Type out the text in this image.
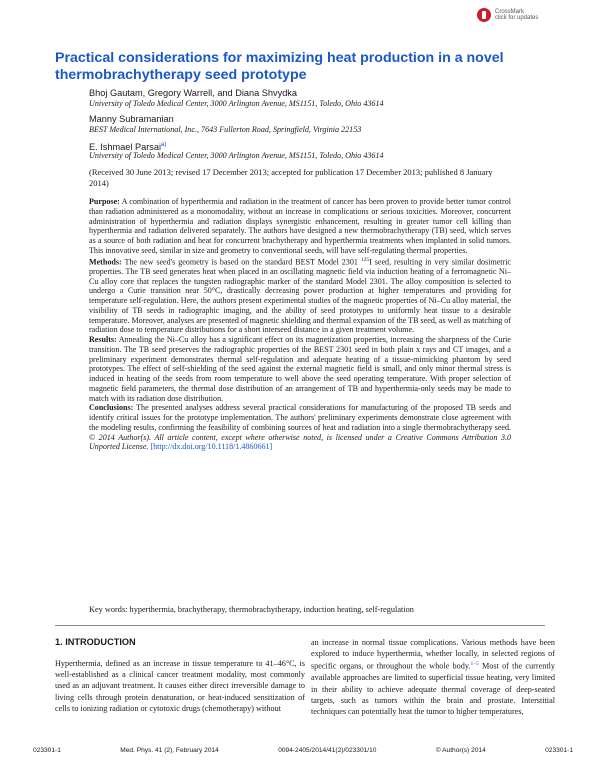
CrossMark
click for updates
Practical considerations for maximizing heat production in a novel thermobrachytherapy seed prototype
Bhoj Gautam, Gregory Warrell, and Diana Shvydka
University of Toledo Medical Center, 3000 Arlington Avenue, MS1151, Toledo, Ohio 43614
Manny Subramanian
BEST Medical International, Inc., 7643 Fullerton Road, Springfield, Virginia 22153
E. Ishmael Parsai$^{a)}$
University of Toledo Medical Center, 3000 Arlington Avenue, MS1151, Toledo, Ohio 43614
(Received 30 June 2013; revised 17 December 2013; accepted for publication 17 December 2013; published 8 January 2014)

Purpose: A combination of hyperthermia and radiation in the treatment of cancer has been proven to provide better tumor control than radiation administered as a monomodality, without an increase in complications or serious toxicities. Moreover, concurrent administration of hyperthermia and radiation displays synergistic enhancement, resulting in greater tumor cell killing than hyperthermia and radiation delivered separately. The authors have designed a new thermobrachytherapy (TB) seed, which serves as a source of both radiation and heat for concurrent brachytherapy and hyperthermia treatments when implanted in solid tumors. This innovative seed, similar in size and geometry to conventional seeds, will have self-regulating thermal properties.

Methods: The new seed's geometry is based on the standard BEST Model 2301 $^{125}$I seed, resulting in very similar dosimetric properties. The TB seed generates heat when placed in an oscillating magnetic field via induction heating of a ferromagnetic Ni–Cu alloy core that replaces the tungsten radiographic marker of the standard Model 2301. The alloy composition is selected to undergo a Curie transition near 50°C, drastically decreasing power production at higher temperatures and providing for temperature self-regulation. Here, the authors present experimental studies of the magnetic properties of Ni–Cu alloy material, the visibility of TB seeds in radiographic imaging, and the ability of seed prototypes to uniformly heat tissue to a desirable temperature. Moreover, analyses are presented of magnetic shielding and thermal expansion of the TB seed, as well as matching of radiation dose to temperature distributions for a short interseed distance in a given treatment volume.

Results: Annealing the Ni–Cu alloy has a significant effect on its magnetization properties, increasing the sharpness of the Curie transition. The TB seed preserves the radiographic properties of the BEST 2301 seed in both plain x rays and CT images, and a preliminary experiment demonstrates thermal self-regulation and adequate heating of a tissue-mimicking phantom by seed prototypes. The effect of self-shielding of the seed against the external magnetic field is small, and only minor thermal stress is induced in heating of the seeds from room temperature to well above the seed operating temperature. With proper selection of magnetic field parameters, the thermal dose distribution of an arrangement of TB and hyperthermia-only seeds may be made to match with its radiation dose distribution.

Conclusions: The presented analyses address several practical considerations for manufacturing of the proposed TB seeds and identify critical issues for the prototype implementation. The authors' preliminary experiments demonstrate close agreement with the modeling results, confirming the feasibility of combining sources of heat and radiation into a single thermobrachytherapy seed. © 2014 Author(s). All article content, except where otherwise noted, is licensed under a Creative Commons Attribution 3.0 Unported License. [http://dx.doi.org/10.1118/1.4860661]

Key words: hyperthermia, brachytherapy, thermobrachytherapy, induction heating, self-regulation
1. INTRODUCTION
Hyperthermia, defined as an increase in tissue temperature to 41–46°C, is well-established as a clinical cancer treatment modality, most commonly used as an adjuvant treatment. It causes either direct irreversible damage to living cells through protein denaturation, or heat-induced sensitization of cells to ionizing radiation or cytotoxic drugs (chemotherapy) without
an increase in normal tissue complications. Various methods have been explored to induce hyperthermia, whether locally, in selected regions of specific organs, or throughout the whole body.$^{1-5}$ Most of the currently available approaches are limited to superficial tissue heating, very limited in their ability to achieve adequate thermal coverage of deep-seated targets, such as tumors within the brain and prostate. Interstitial techniques can potentially heat the tumor to higher temperatures,
023301-1	Med. Phys. 41 (2), February 2014	0094-2405/2014/41(2)/023301/10	© Author(s) 2014	023301-1
